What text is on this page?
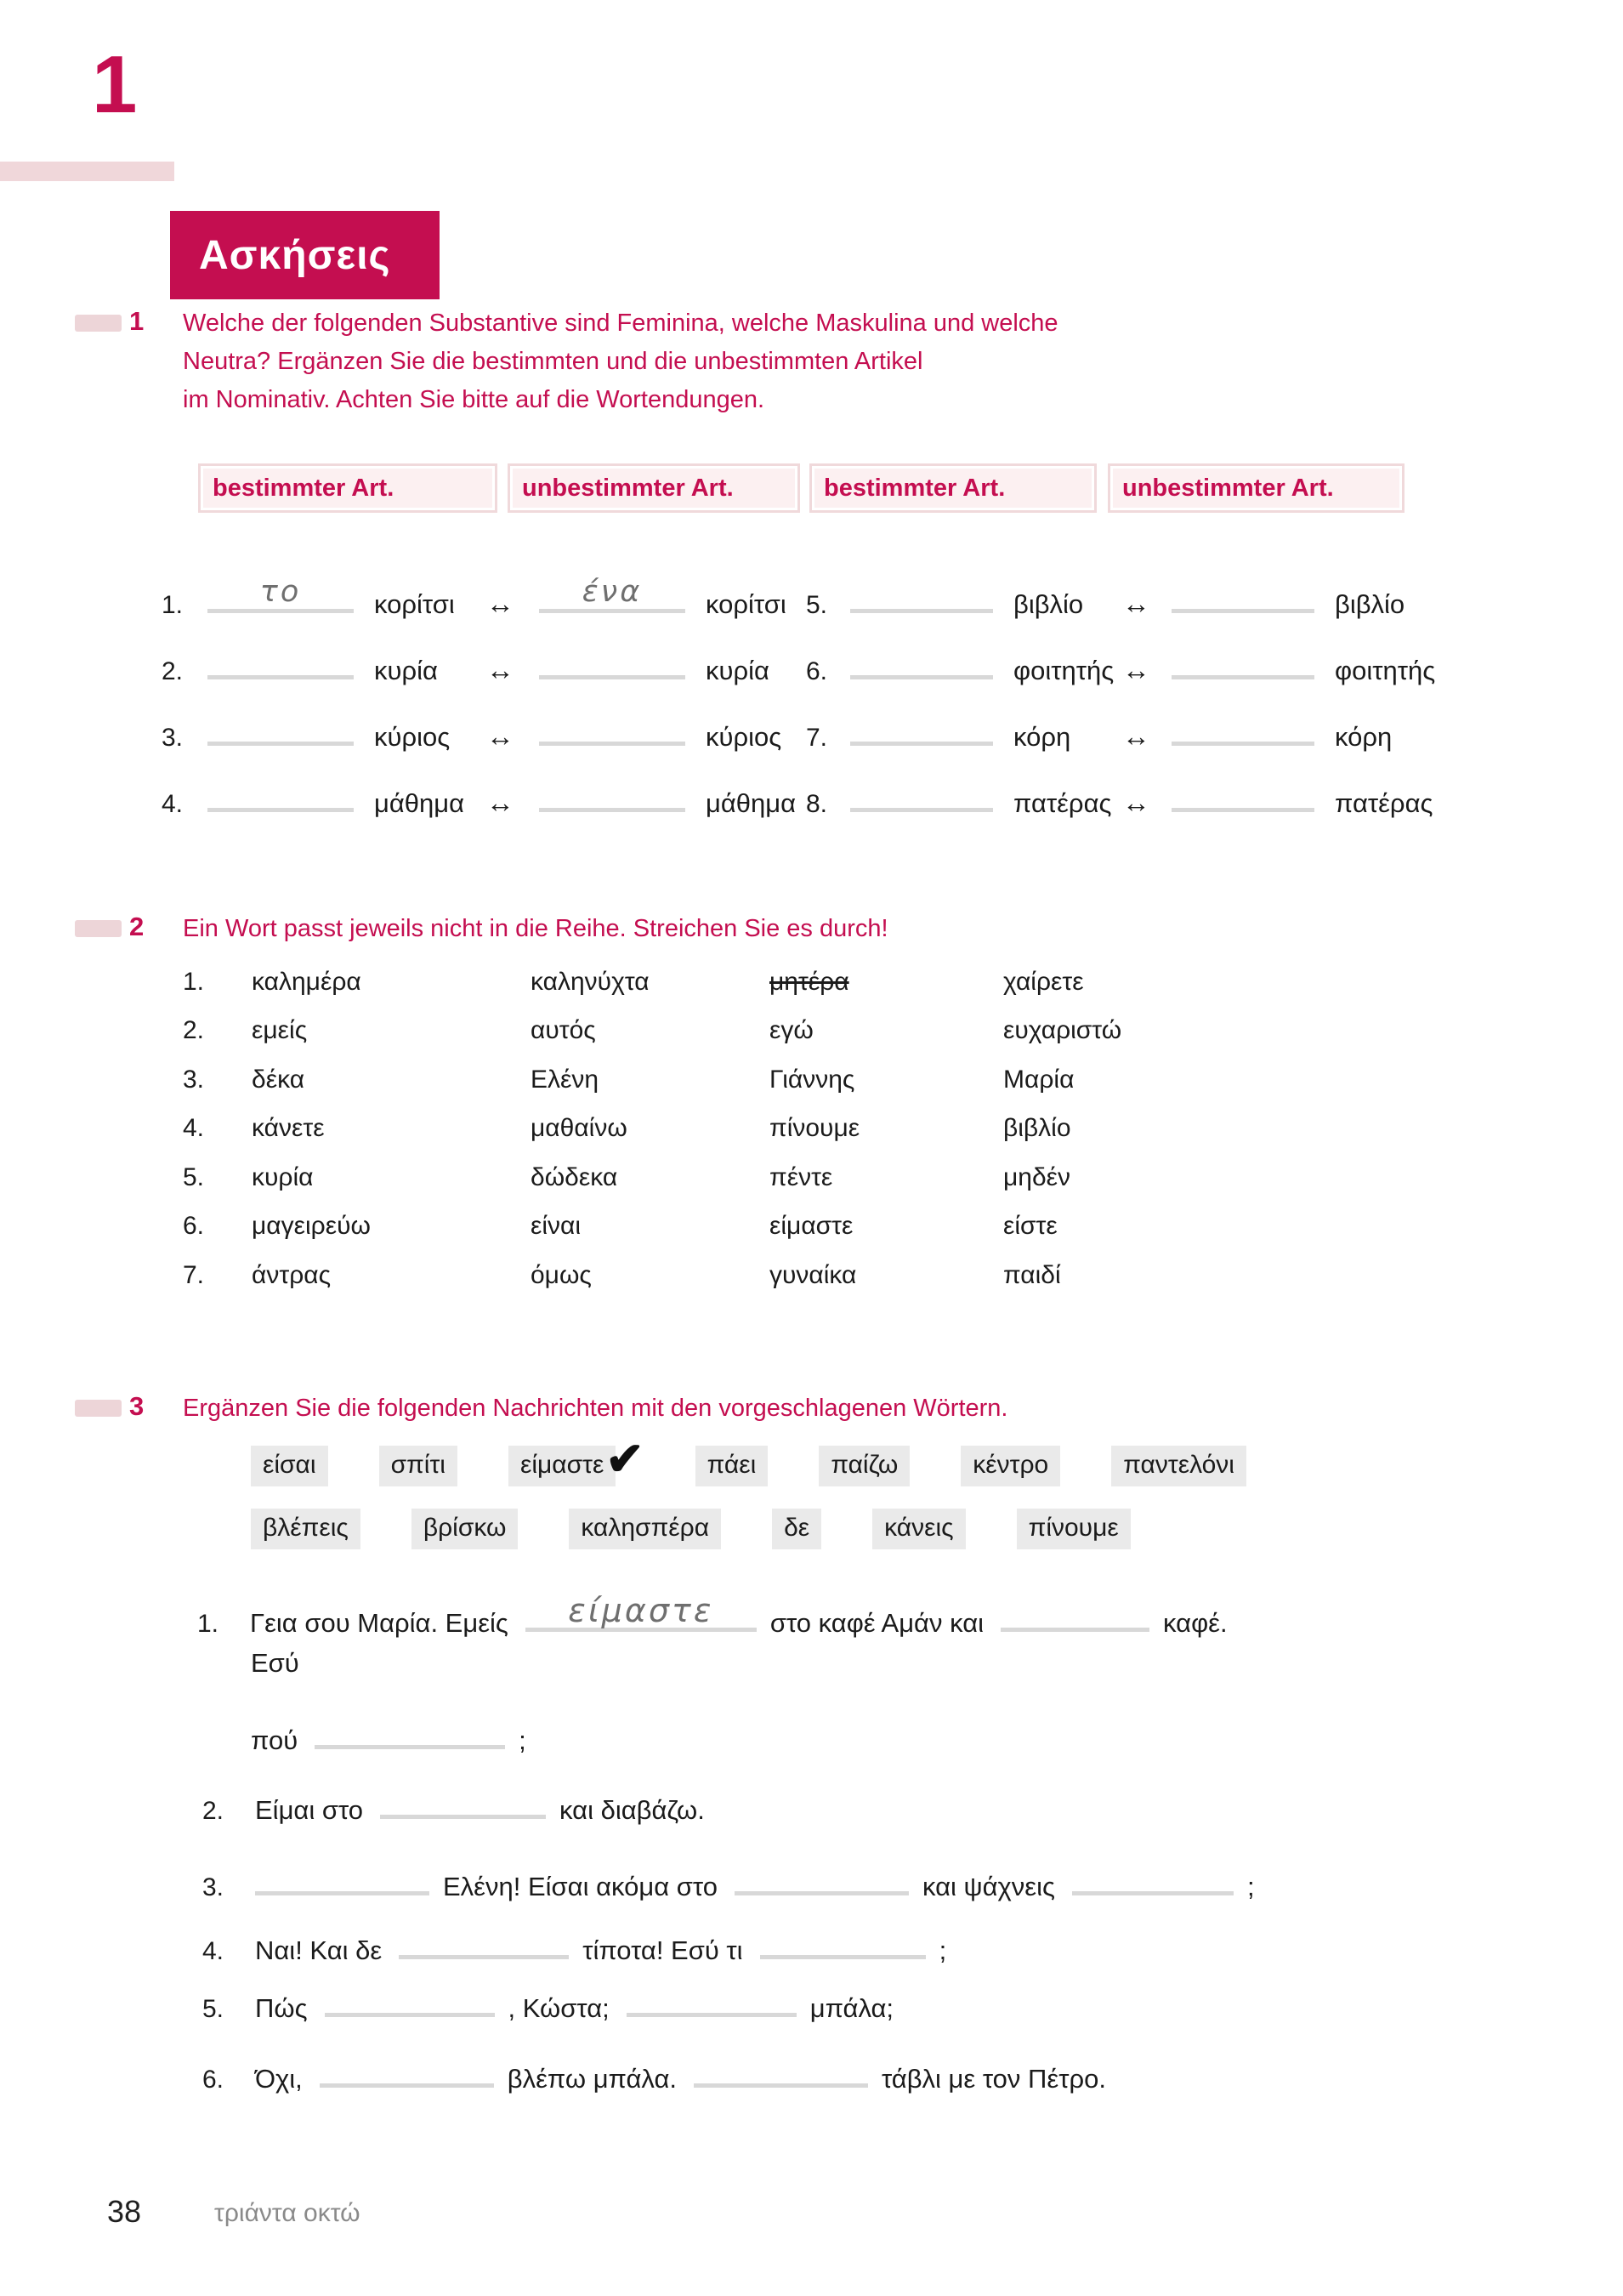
1
Ασκήσεις
1	Welche der folgenden Substantive sind Feminina, welche Maskulina und welche
Neutra? Ergänzen Sie die bestimmten und die unbestimmten Artikel
im Nominativ. Achten Sie bitte auf die Wortendungen.
bestimmter Art.	unbestimmter Art.	bestimmter Art.	unbestimmter Art.
1.	το	κορίτσι	↔	ένα	κορίτσι
2.	κυρία	↔	κυρία
3.	κύριος	↔	κύριος
4.	μάθημα ↔	μάθημα
5.	βιβλίο	↔	βιβλίο
6.	φοιτητής ↔	φοιτητής
7.	κόρη	↔	κόρη
8.	πατέρας ↔	πατέρας
2	Ein Wort passt jeweils nicht in die Reihe. Streichen Sie es durch!
1.	καλημέρα	καληνύχτα	μητέρα	χαίρετε
2.	εμείς	αυτός	εγώ	ευχαριστώ
3.	δέκα	Ελένη	Γιάννης	Μαρία
4.	κάνετε	μαθαίνω	πίνουμε	βιβλίο
5.	κυρία	δώδεκα	πέντε	μηδέν
6.	μαγειρεύω	είναι	είμαστε	είστε
7.	άντρας	όμως	γυναίκα	παιδί
3	Ergänzen Sie die folgenden Nachrichten mit den vorgeschlagenen Wörtern.
είσαι	σπίτι	είμαστε ✔	πάει	παίζω	κέντρο	παντελόνι
βλέπεις	βρίσκω	καλησπέρα	δε	κάνεις	πίνουμε
1.	Γεια σου Μαρία. Εμείς	είμαστε	στο καφέ Αμάν και	καφέ.
Εσύ
πού	;
2.	Είμαι στο	και διαβάζω.
3.	Ελένη! Είσαι ακόμα στο	και ψάχνεις	;
4.	Ναι! Και δε	τίποτα! Εσύ τι	;
5.	Πώς	, Κώστα;	μπάλα;
6.	Όχι,	βλέπω μπάλα.	τάβλι με τον Πέτρο.
38	τριάντα οκτώ
